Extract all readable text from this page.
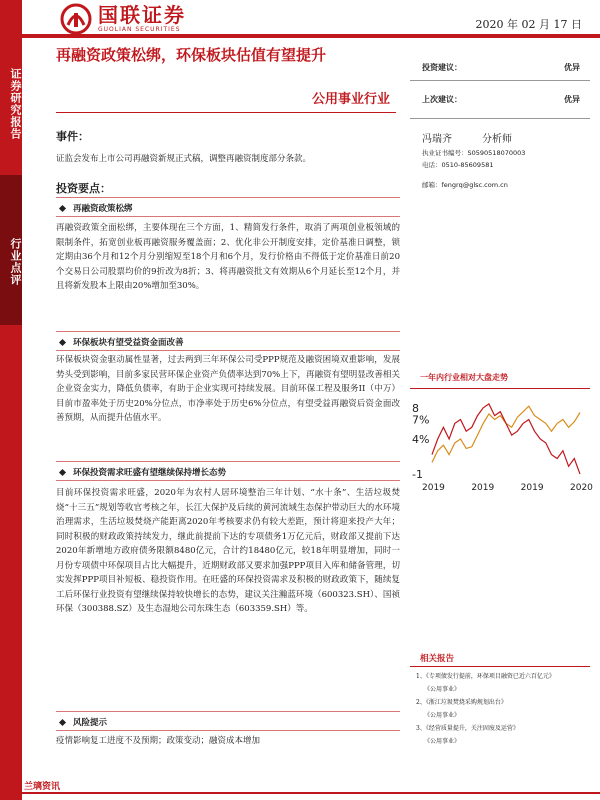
证券研究报告
行业点评
国联证券
GUOLIAN SECURITIES	2020 年 02 月 17 日
再融资政策松绑，环保板块估值有望提升
公用事业行业
投资建议：	优异
上次建议：	优异
冯瑞齐	分析师
执业证书编号：S0590518070003
电话：0510-85609581
邮箱：fengrq@glsc.com.cn
事件：
证监会发布上市公司再融资新规正式稿，调整再融资制度部分条款。
投资要点：
再融资政策松绑
再融资政策全面松绑，主要体现在三个方面，1、精简发行条件，取消了两项创业板领域的限制条件，拓宽创业板再融资服务覆盖面；2、优化非公开制度安排，定价基准日调整，锁定期由36个月和12个月分别缩短至18个月和6个月，发行价格由不得低于定价基准日前20个交易日公司股票均价的9折改为8折；3、将再融资批文有效期从6个月延长至12个月，并且将新发股本上限由20%增加至30%。
环保板块有望受益资金面改善
环保板块资金驱动属性显著，过去两到三年环保公司受PPP规范及融资困境双重影响，发展势头受到影响，目前多家民营环保企业资产负债率达到70%上下，再融资有望明显改善相关企业资金实力，降低负债率，有助于企业实现可持续发展。目前环保工程及服务II（中万）目前市盈率处于历史20%分位点，市净率处于历史6%分位点，有望受益再融资后资金面改善预期，从而提升估值水平。
环保投资需求旺盛有望继续保持增长态势
目前环保投资需求旺盛，2020年为农村人居环境整治三年计划、“水十条”、生活垃圾焚烧“十三五”规划等收官考核之年，长江大保护及后续的黄河流域生态保护带动巨大的水环境治理需求，生活垃圾焚烧产能距离2020年考核要求仍有较大差距，预计将迎来投产大年；同时积极的财政政策持续发力，继此前提前下达的专项债务1万亿元后，财政部又提前下达2020年新增地方政府债务限额8480亿元，合计约18480亿元，较18年明显增加，同时一月份专项债中环保项目占比大幅提升，近期财政部又要求加强PPP项目入库和储备管理，切实发挥PPP项目补短板、稳投资作用。在旺盛的环保投资需求及积极的财政政策下，随续复工后环保行业投资有望继续保持较快增长的态势，建议关注瀚蓝环境（600323.SH）、国祯环保（300388.SZ）及生态湿地公司东珠生态（603359.SH）等。
风险提示
疫情影响复工进度不及预期；政策变动；融资成本增加
一年内行业相对大盘走势
8
7%
4%
-1
2019	2019	2019	2020
相关报告
1、《专项债发行提前，环保项目融资已近六百亿元》
《公用事业》
2、《浙江垃圾焚烧采购规划出台》
《公用事业》
3、《经营质量提升，关注固废及运营》
《公用事业》
兰璃资讯
